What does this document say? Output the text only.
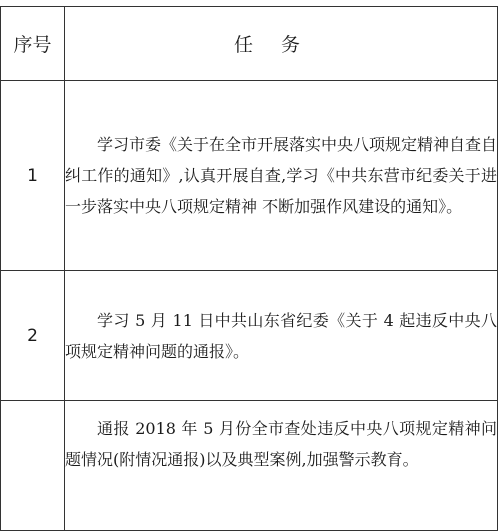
序号	任务
1	学习市委《关于在全市开展落实中央八项规定精神自查自纠工作的通知》,认真开展自查,学习《中共东营市纪委关于进一步落实中央八项规定精神 不断加强作风建设的通知》。

2	学习 5 月 11 日中共山东省纪委《关于 4 起违反中央八项规定精神问题的通报》。

	通报 2018 年 5 月份全市查处违反中央八项规定精神问题情况(附情况通报)以及典型案例,加强警示教育。
